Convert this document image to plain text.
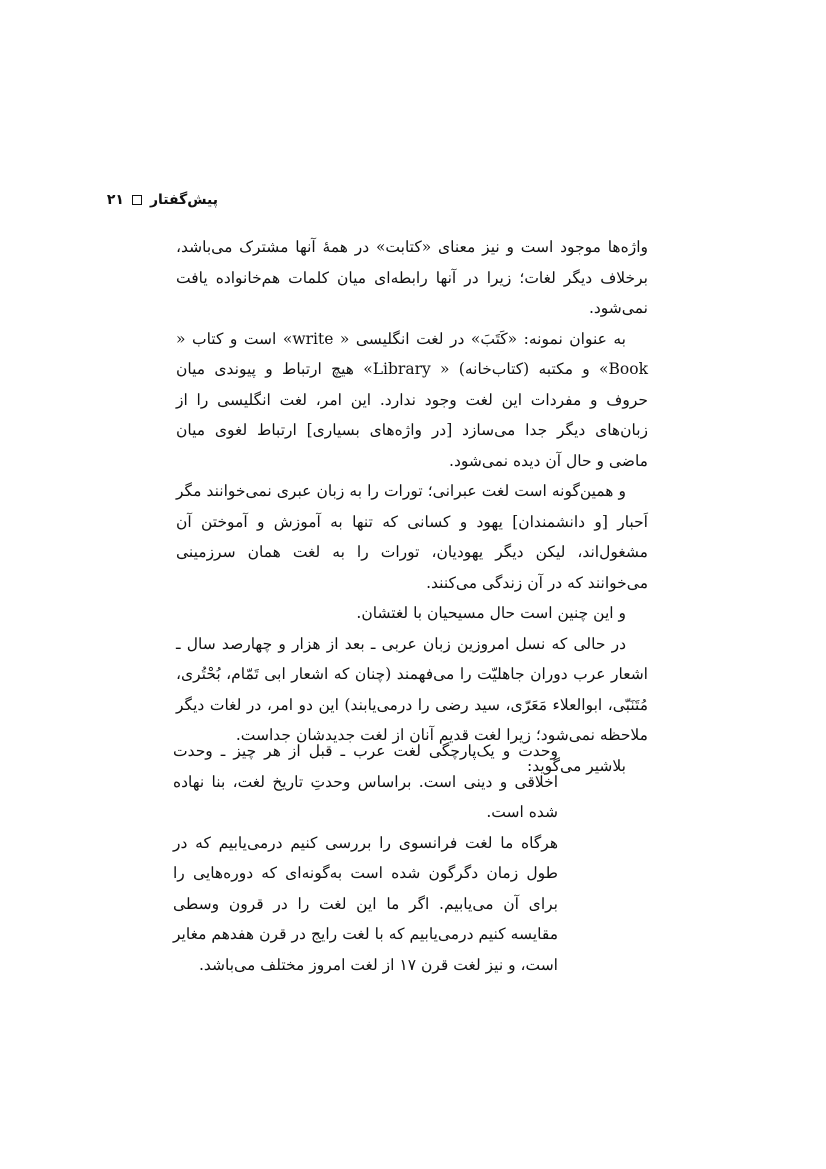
پیش‌گفتار
۲۱

واژه‌ها موجود است و نیز معنای «کتابت» در همهٔ آنها مشترک می‌باشد، برخلاف دیگر لغات؛ زیرا در آنها رابطه‌ای میان کلمات هم‌خانواده یافت نمی‌شود.

به عنوان نمونه: «کَتَبَ» در لغت انگلیسی « write» است و کتاب « Book» و مکتبه (کتاب‌خانه) « Library» هیچ ارتباط و پیوندی میان حروف و مفردات این لغت وجود ندارد. این امر، لغت انگلیسی را از زبان‌های دیگر جدا می‌سازد [در واژه‌های بسیاری] ارتباط لغوی میان ماضی و حال آن دیده نمی‌شود.

و همین‌گونه است لغت عبرانی؛ تورات را به زبان عبری نمی‌خوانند مگر اَحبار [و دانشمندان] یهود و کسانی که تنها به آموزش و آموختن آن مشغول‌اند، لیکن دیگر یهودیان، تورات را به لغت همان سرزمینی می‌خوانند که در آن زندگی می‌کنند.

و این چنین است حال مسیحیان با لغتشان.

در حالی که نسل امروزین زبان عربی ـ بعد از هزار و چهارصد سال ـ اشعار عرب دوران جاهلیّت را می‌فهمند (چنان که اشعار ابی تَمّام، بُحْتُری، مُتَنَبّی، ابوالعلاء مَعَرّی، سید رضی را درمی‌یابند) این دو امر، در لغات دیگر ملاحظه نمی‌شود؛ زیرا لغت قدیم آنان از لغت جدیدشان جداست.

بلاشیر می‌گوید:

وحدت و یک‌پارچگی لغت عرب ـ قبل از هر چیز ـ وحدت اخلاقی و دینی است. براساس وحدتِ تاریخ لغت، بنا نهاده شده است.

هرگاه ما لغت فرانسوی را بررسی کنیم درمی‌یابیم که در طول زمان دگرگون شده است به‌گونه‌ای که دوره‌هایی را برای آن می‌یابیم. اگر ما این لغت را در قرون وسطی مقایسه کنیم درمی‌یابیم که با لغت رایج در قرن هفدهم مغایر است، و نیز لغت قرن ۱۷ از لغت امروز مختلف می‌باشد.
